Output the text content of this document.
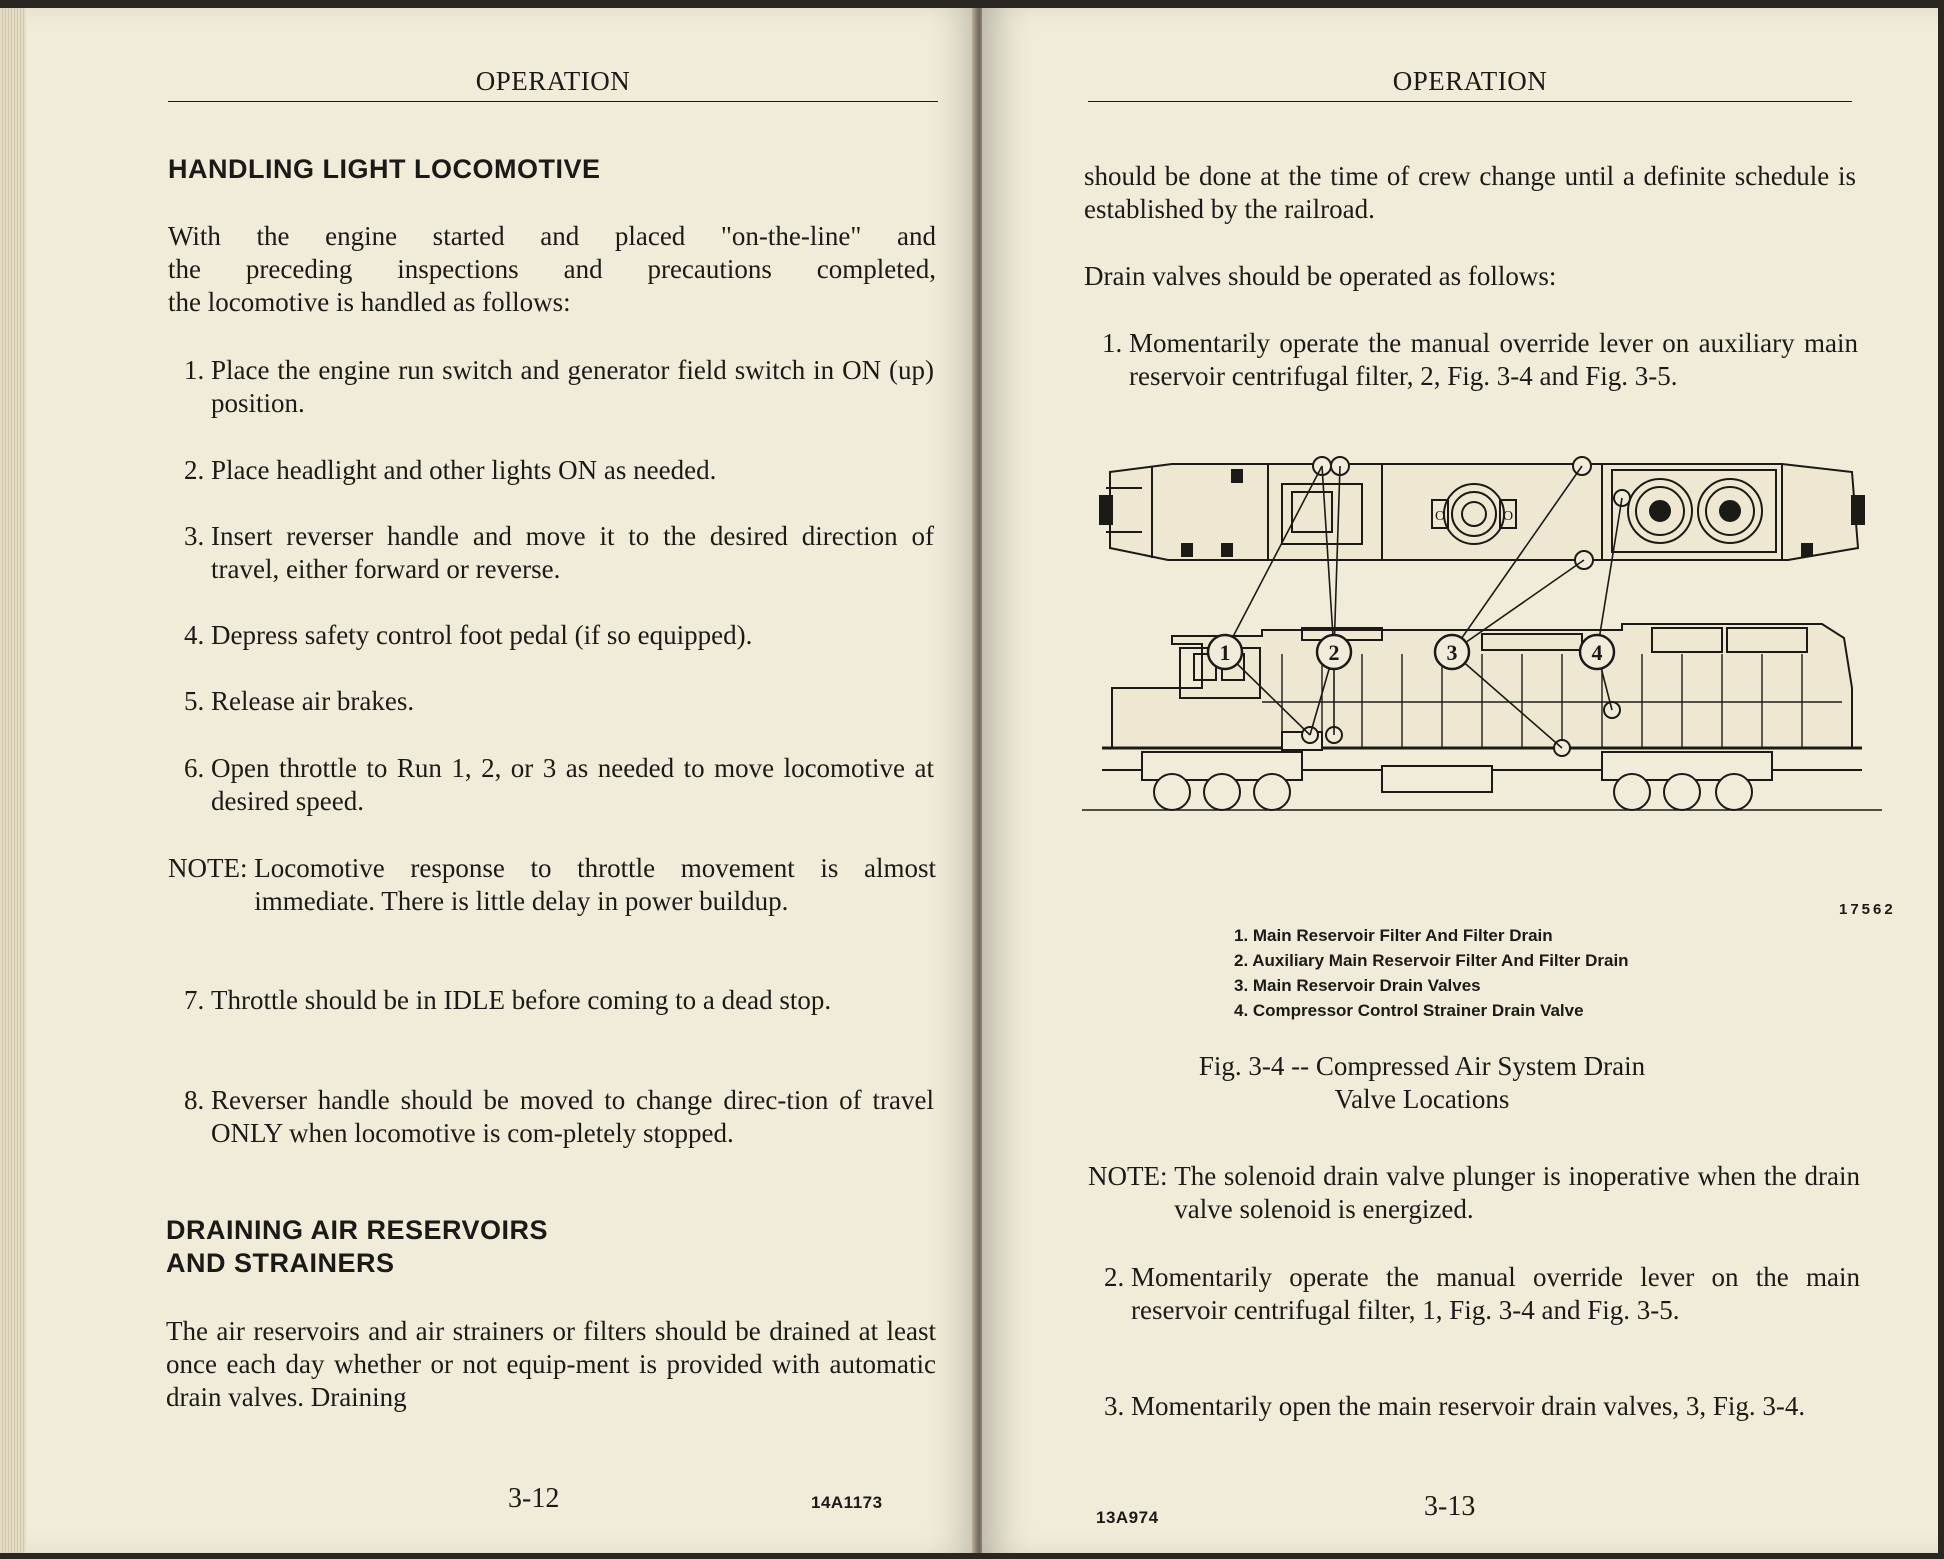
OPERATION
HANDLING LIGHT LOCOMOTIVE
With the engine started and placed "on-the-line" and
the preceding inspections and precautions completed,
the locomotive is handled as follows:
1.
Place the engine run switch and generator field switch in ON (up) position.
2.
Place headlight and other lights ON as needed.
3.
Insert reverser handle and move it to the desired direction of travel, either forward or reverse.
4.
Depress safety control foot pedal (if so equipped).
5.
Release air brakes.
6.
Open throttle to Run 1, 2, or 3 as needed to move locomotive at desired speed.
NOTE:
Locomotive response to throttle movement is almost immediate. There is little delay in power buildup.
7.
Throttle should be in IDLE before coming to a dead stop.
8.
Reverser handle should be moved to change direc-tion of travel ONLY when locomotive is com-pletely stopped.
DRAINING AIR RESERVOIRS
AND STRAINERS
The air reservoirs and air strainers or filters should be drained at least once each day whether or not equip-ment is provided with automatic drain valves. Draining
3-12	14A1173
OPERATION
should be done at the time of crew change until a definite schedule is established by the railroad.
Drain valves should be operated as follows:
1.
Momentarily operate the manual override lever on auxiliary main reservoir centrifugal filter, 2, Fig. 3-4 and Fig. 3-5.
O	O
1	2	3	4
17562
1. Main Reservoir Filter And Filter Drain
2. Auxiliary Main Reservoir Filter And Filter Drain
3. Main Reservoir Drain Valves
4. Compressor Control Strainer Drain Valve
Fig. 3-4 -- Compressed Air System Drain
Valve Locations
NOTE:
The solenoid drain valve plunger is inoperative when the drain valve solenoid is energized.
2.
Momentarily operate the manual override lever on the main reservoir centrifugal filter, 1, Fig. 3-4 and Fig. 3-5.
3.
Momentarily open the main reservoir drain valves, 3, Fig. 3-4.
13A974	3-13
